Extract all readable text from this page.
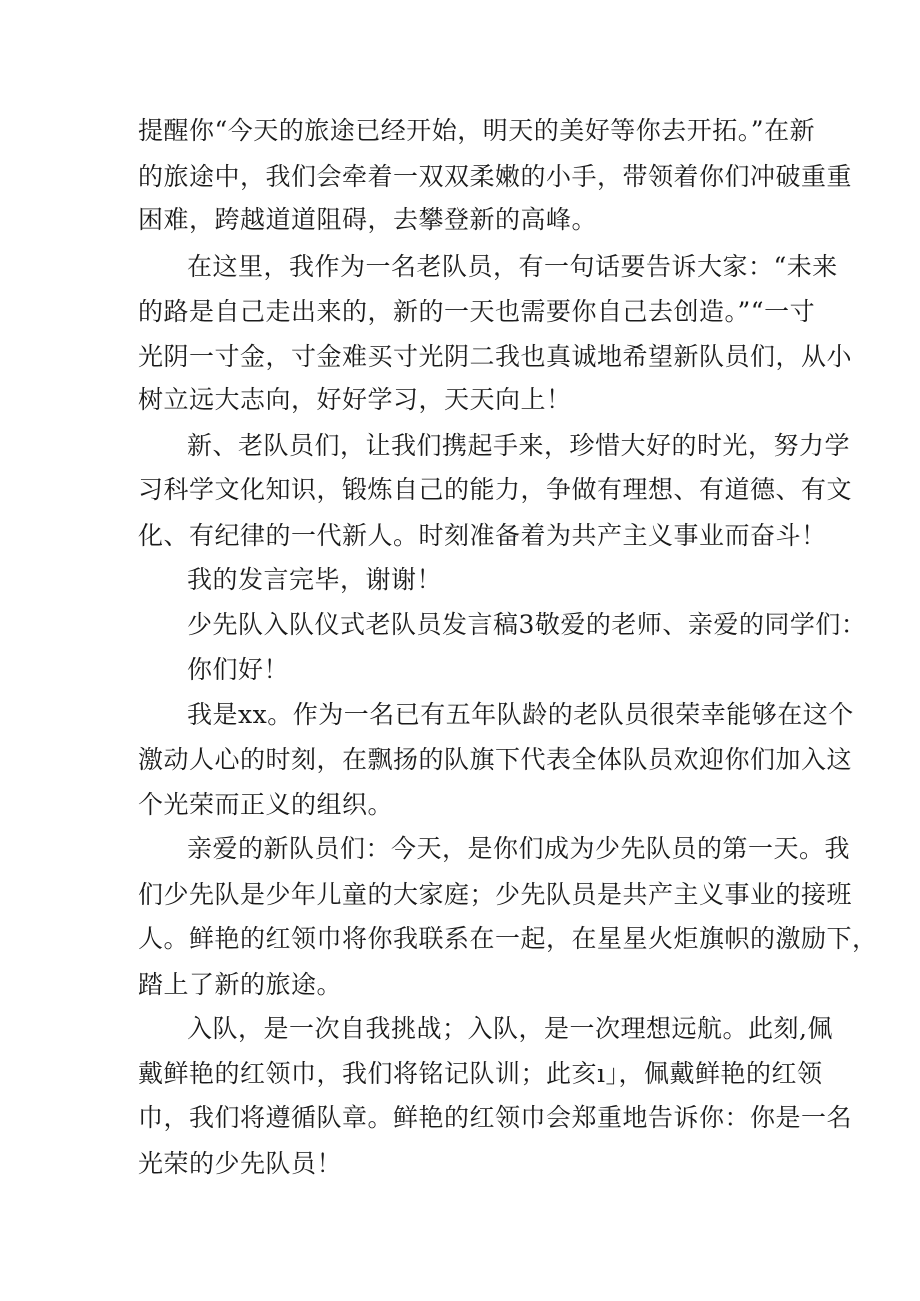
提醒你“今天的旅途已经开始，明天的美好等你去开拓。”在新
的旅途中，我们会牵着一双双柔嫩的小手，带领着你们冲破重重
困难，跨越道道阻碍，去攀登新的高峰。
在这里，我作为一名老队员，有一句话要告诉大家：“未来
的路是自己走出来的，新的一天也需要你自己去创造。”“一寸
光阴一寸金，寸金难买寸光阴二我也真诚地希望新队员们，从小
树立远大志向，好好学习，天天向上！
新、老队员们，让我们携起手来，珍惜大好的时光，努力学
习科学文化知识，锻炼自己的能力，争做有理想、有道德、有文
化、有纪律的一代新人。时刻准备着为共产主义事业而奋斗！
我的发言完毕，谢谢！
少先队入队仪式老队员发言稿3敬爱的老师、亲爱的同学们：
你们好！
我是xx。作为一名已有五年队龄的老队员很荣幸能够在这个
激动人心的时刻，在飘扬的队旗下代表全体队员欢迎你们加入这
个光荣而正义的组织。
亲爱的新队员们：今天，是你们成为少先队员的第一天。我
们少先队是少年儿童的大家庭；少先队员是共产主义事业的接班
人。鲜艳的红领巾将你我联系在一起，在星星火炬旗帜的激励下，
踏上了新的旅途。
入队，是一次自我挑战；入队，是一次理想远航。此刻,佩
戴鲜艳的红领巾，我们将铭记队训；此亥ı」，佩戴鲜艳的红领
巾，我们将遵循队章。鲜艳的红领巾会郑重地告诉你：你是一名
光荣的少先队员！
